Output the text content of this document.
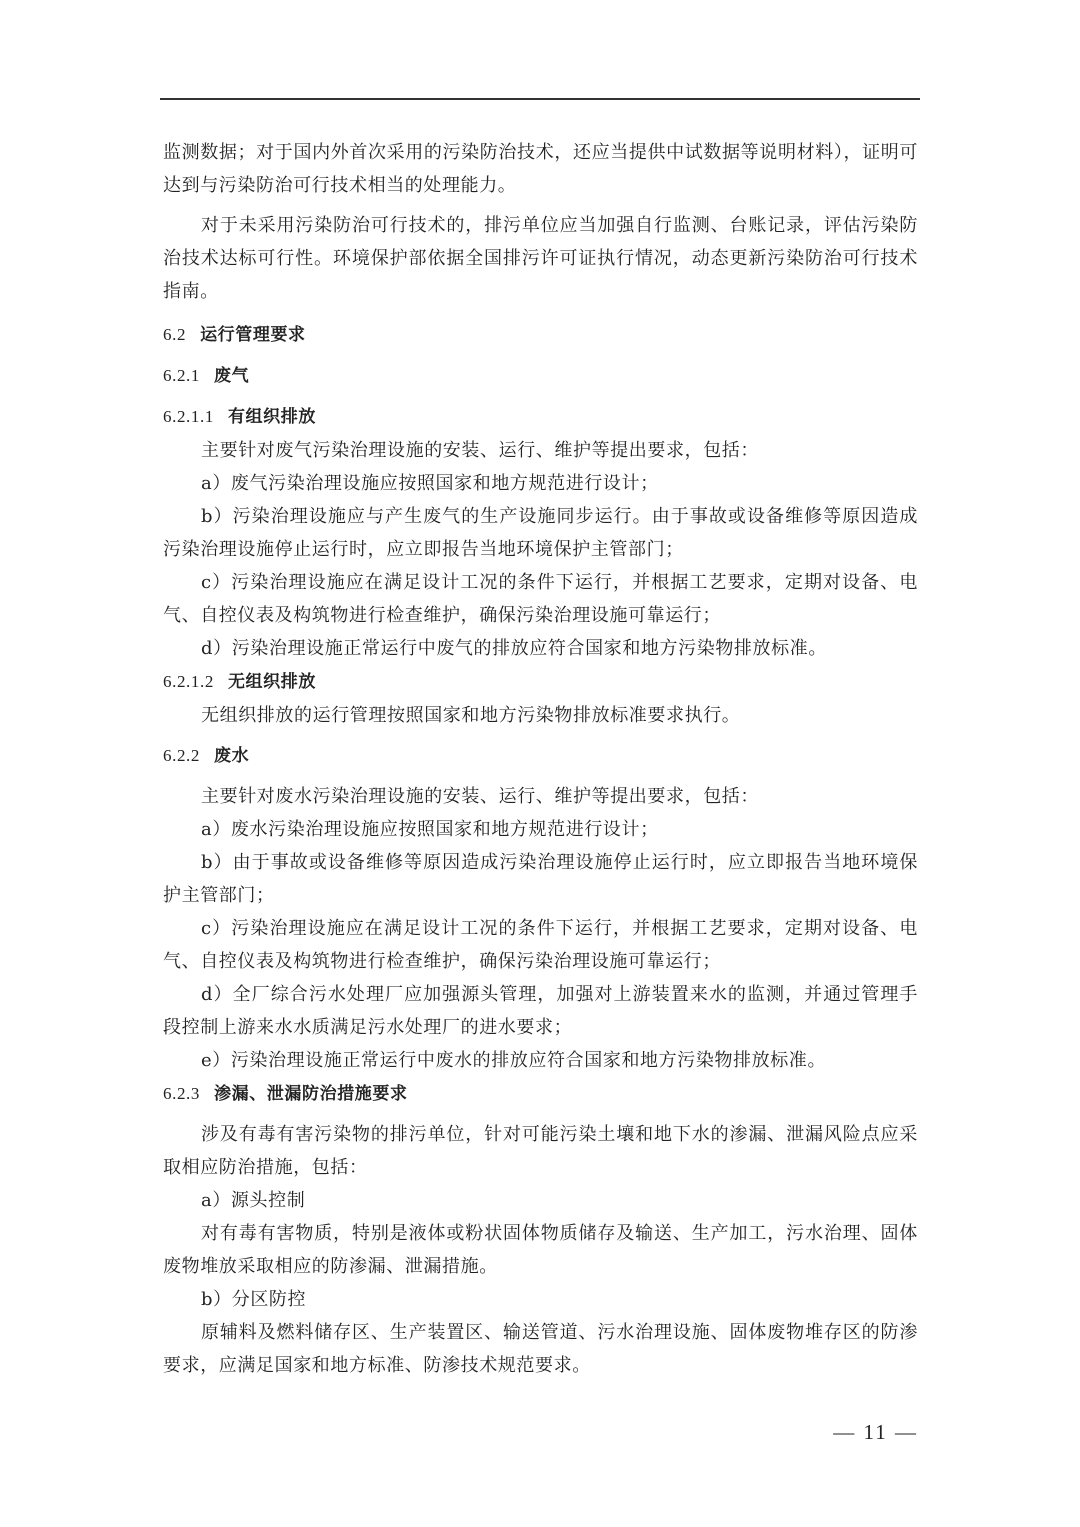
监测数据；对于国内外首次采用的污染防治技术，还应当提供中试数据等说明材料），证明可达到与污染防治可行技术相当的处理能力。

对于未采用污染防治可行技术的，排污单位应当加强自行监测、台账记录，评估污染防治技术达标可行性。环境保护部依据全国排污许可证执行情况，动态更新污染防治可行技术指南。

6.2 运行管理要求
6.2.1 废气
6.2.1.1 有组织排放

主要针对废气污染治理设施的安装、运行、维护等提出要求，包括：

a）废气污染治理设施应按照国家和地方规范进行设计；

b）污染治理设施应与产生废气的生产设施同步运行。由于事故或设备维修等原因造成污染治理设施停止运行时，应立即报告当地环境保护主管部门；

c）污染治理设施应在满足设计工况的条件下运行，并根据工艺要求，定期对设备、电气、自控仪表及构筑物进行检查维护，确保污染治理设施可靠运行；

d）污染治理设施正常运行中废气的排放应符合国家和地方污染物排放标准。

6.2.1.2 无组织排放

无组织排放的运行管理按照国家和地方污染物排放标准要求执行。

6.2.2 废水

主要针对废水污染治理设施的安装、运行、维护等提出要求，包括：

a）废水污染治理设施应按照国家和地方规范进行设计；

b）由于事故或设备维修等原因造成污染治理设施停止运行时，应立即报告当地环境保护主管部门；

c）污染治理设施应在满足设计工况的条件下运行，并根据工艺要求，定期对设备、电气、自控仪表及构筑物进行检查维护，确保污染治理设施可靠运行；

d）全厂综合污水处理厂应加强源头管理，加强对上游装置来水的监测，并通过管理手段控制上游来水水质满足污水处理厂的进水要求；

e）污染治理设施正常运行中废水的排放应符合国家和地方污染物排放标准。

6.2.3 渗漏、泄漏防治措施要求

涉及有毒有害污染物的排污单位，针对可能污染土壤和地下水的渗漏、泄漏风险点应采取相应防治措施，包括：

a）源头控制

对有毒有害物质，特别是液体或粉状固体物质储存及输送、生产加工，污水治理、固体废物堆放采取相应的防渗漏、泄漏措施。

b）分区防控

原辅料及燃料储存区、生产装置区、输送管道、污水治理设施、固体废物堆存区的防渗要求，应满足国家和地方标准、防渗技术规范要求。

— 11 —
